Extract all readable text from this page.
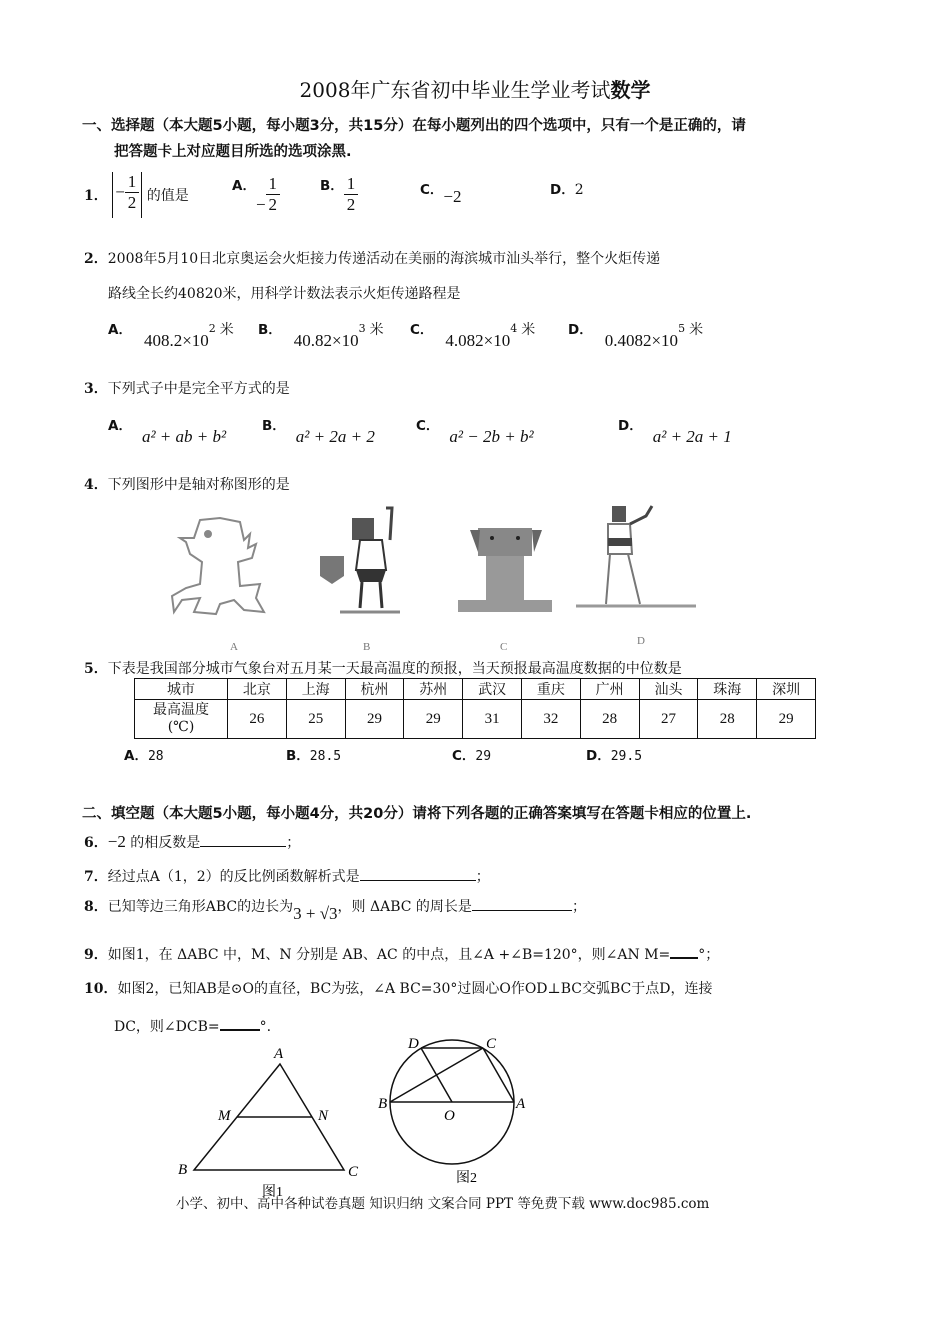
2008年广东省初中毕业生学业考试数学
一、选择题（本大题5小题，每小题3分，共15分）在每小题列出的四个选项中，只有一个是正确的，请
把答题卡上对应题目所选的选项涂黑.
1． − $\frac{1}{2}$ 的值是
A．− $\frac{1}{2}$	B． $\frac{1}{2}$	C．−2	D．2
2．2008年5月10日北京奥运会火炬接力传递活动在美丽的海滨城市汕头举行，整个火炬传递
路线全长约40820米，用科学计数法表示火炬传递路程是
A．$408.2\times 10^2$ 米 B．$40.82\times 10^3$ 米 C．$4.082\times 10^4$ 米 D．$0.4082\times 10^5$ 米
3．下列式子中是完全平方式的是
A．a² + ab + b²
B．a² + 2a + 2
C．a² − 2b + b²
D．a² + 2a + 1
4．下列图形中是轴对称图形的是
A	B	C	D
5．下表是我国部分城市气象台对五月某一天最高温度的预报，当天预报最高温度数据的中位数是
城市	北京	上海	杭州	苏州	武汉	重庆	广州	汕头	珠海	深圳
最高温度
(℃)	26	25	29	29	31	32	28	27	28	29
A．28	B．28.5	C．29	D．29.5
二、填空题（本大题5小题，每小题4分，共20分）请将下列各题的正确答案填写在答题卡相应的位置上.
6．−2 的相反数是	；
7．经过点A（1，2）的反比例函数解析式是	；
8．已知等边三角形ABC的边长为3 + √3，则 ΔABC 的周长是	；
9．如图1，在 ΔABC 中，M、N 分别是 AB、AC 的中点，且∠A +∠B=120°，则∠AN M= °；
10．如图2，已知AB是⊙O的直径，BC为弦，∠A BC=30°过圆心O作OD⊥BC交弧BC于点D，连接
DC，则∠DCB=	°.
A
M	N
B	C
图1
D	C
B
O
A
图2
小学、初中、高中各种试卷真题 知识归纳 文案合同 PPT 等免费下载 www.doc985.com
